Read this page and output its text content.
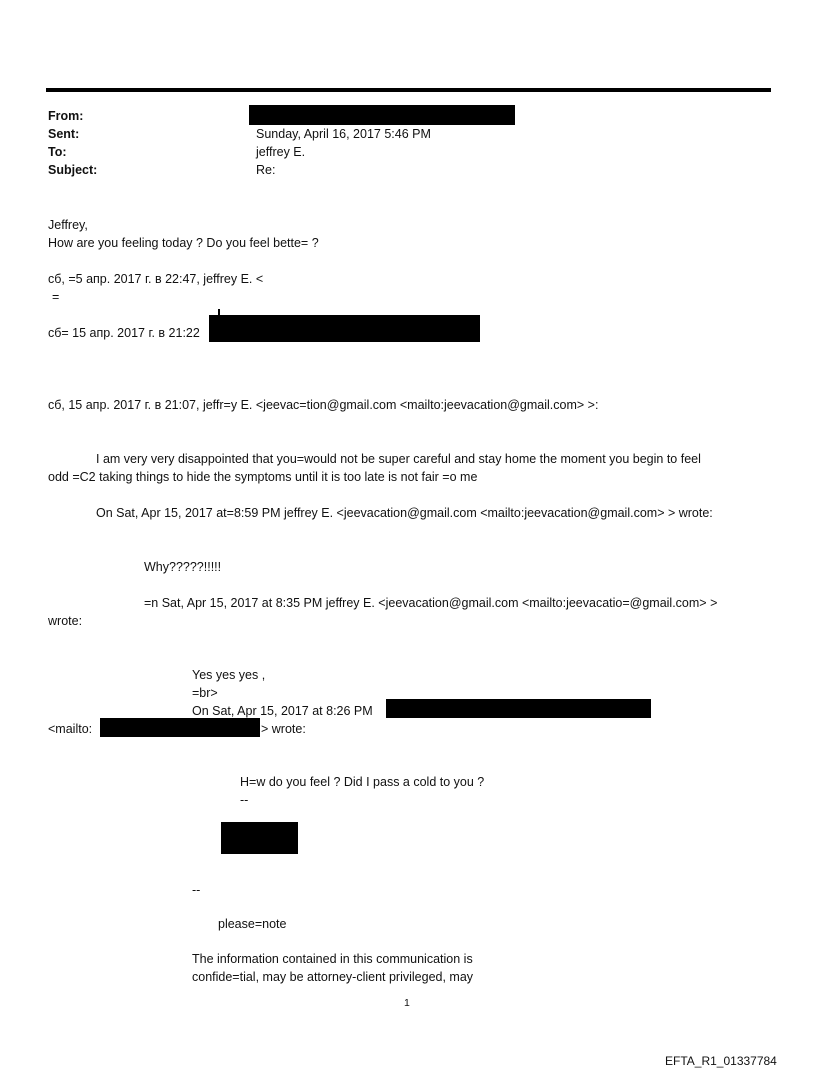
From:
Sent:	Sunday, April 16, 2017 5:46 PM
To:	jeffrey E.
Subject:	Re:
Jeffrey,
How are you feeling today ? Do you feel bette= ?
сб, =5 апр. 2017 г. в 22:47, jeffrey E. <
=
сб= 15 апр. 2017 г. в 21:22
сб, 15 апр. 2017 г. в 21:07, jeffr=y E. <jeevac=tion@gmail.com <mailto:jeevacation@gmail.com> >:
I am very very disappointed that you=would not be super careful and stay home the moment you begin to feel
odd =C2 taking things to hide the symptoms until it is too late is not fair =o me
On Sat, Apr 15, 2017 at=8:59 PM jeffrey E. <jeevacation@gmail.com <mailto:jeevacation@gmail.com> > wrote:
Why?????!!!!!
=n Sat, Apr 15, 2017 at 8:35 PM jeffrey E. <jeevacation@gmail.com <mailto:jeevacatio=@gmail.com> >
wrote:
Yes yes yes ,
=br>
On Sat, Apr 15, 2017 at 8:26 PM
<mailto:	> wrote:
H=w do you feel ? Did I pass a cold to you ?
--
--
please=note
The information contained in this communication is
confide=tial, may be attorney-client privileged, may
1
EFTA_R1_01337784
